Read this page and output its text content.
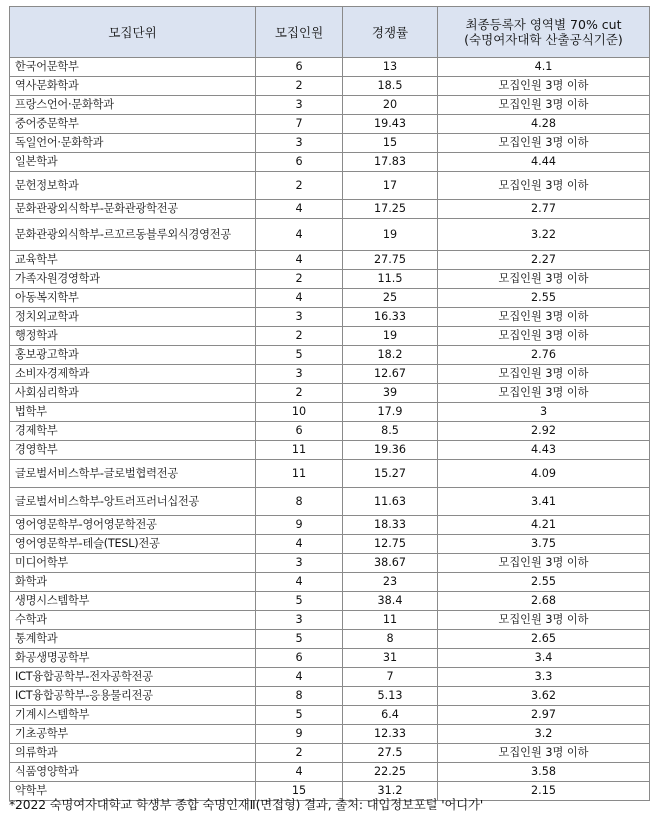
모집단위	모집인원	경쟁률	최종등록자 영역별 70% cut
(숙명여자대학 산출공식기준)

한국어문학부	6	13	4.1
역사문화학과	2	18.5	모집인원 3명 이하
프랑스언어·문화학과	3	20	모집인원 3명 이하
중어중문학부	7	19.43	4.28
독일언어·문화학과	3	15	모집인원 3명 이하
일본학과	6	17.83	4.44
문헌정보학과	2	17	모집인원 3명 이하
문화관광외식학부-문화관광학전공	4	17.25	2.77
문화관광외식학부-르꼬르동블루외식경영전공	4	19	3.22
교육학부	4	27.75	2.27
가족자원경영학과	2	11.5	모집인원 3명 이하
아동복지학부	4	25	2.55
정치외교학과	3	16.33	모집인원 3명 이하
행정학과	2	19	모집인원 3명 이하
홍보광고학과	5	18.2	2.76
소비자경제학과	3	12.67	모집인원 3명 이하
사회심리학과	2	39	모집인원 3명 이하
법학부	10	17.9	3
경제학부	6	8.5	2.92
경영학부	11	19.36	4.43
글로벌서비스학부-글로벌협력전공	11	15.27	4.09
글로벌서비스학부-앙트러프러너십전공	8	11.63	3.41
영어영문학부-영어영문학전공	9	18.33	4.21
영어영문학부-테슬(TESL)전공	4	12.75	3.75
미디어학부	3	38.67	모집인원 3명 이하
화학과	4	23	2.55
생명시스템학부	5	38.4	2.68
수학과	3	11	모집인원 3명 이하
통계학과	5	8	2.65
화공생명공학부	6	31	3.4
ICT융합공학부-전자공학전공	4	7	3.3
ICT융합공학부-응용물리전공	8	5.13	3.62
기계시스템학부	5	6.4	2.97
기초공학부	9	12.33	3.2
의류학과	2	27.5	모집인원 3명 이하
식품영양학과	4	22.25	3.58
약학부	15	31.2	2.15
*2022 숙명여자대학교 학생부 종합 숙명인재Ⅱ(면접형) 결과, 출처: 대입정보포털 '어디가'
